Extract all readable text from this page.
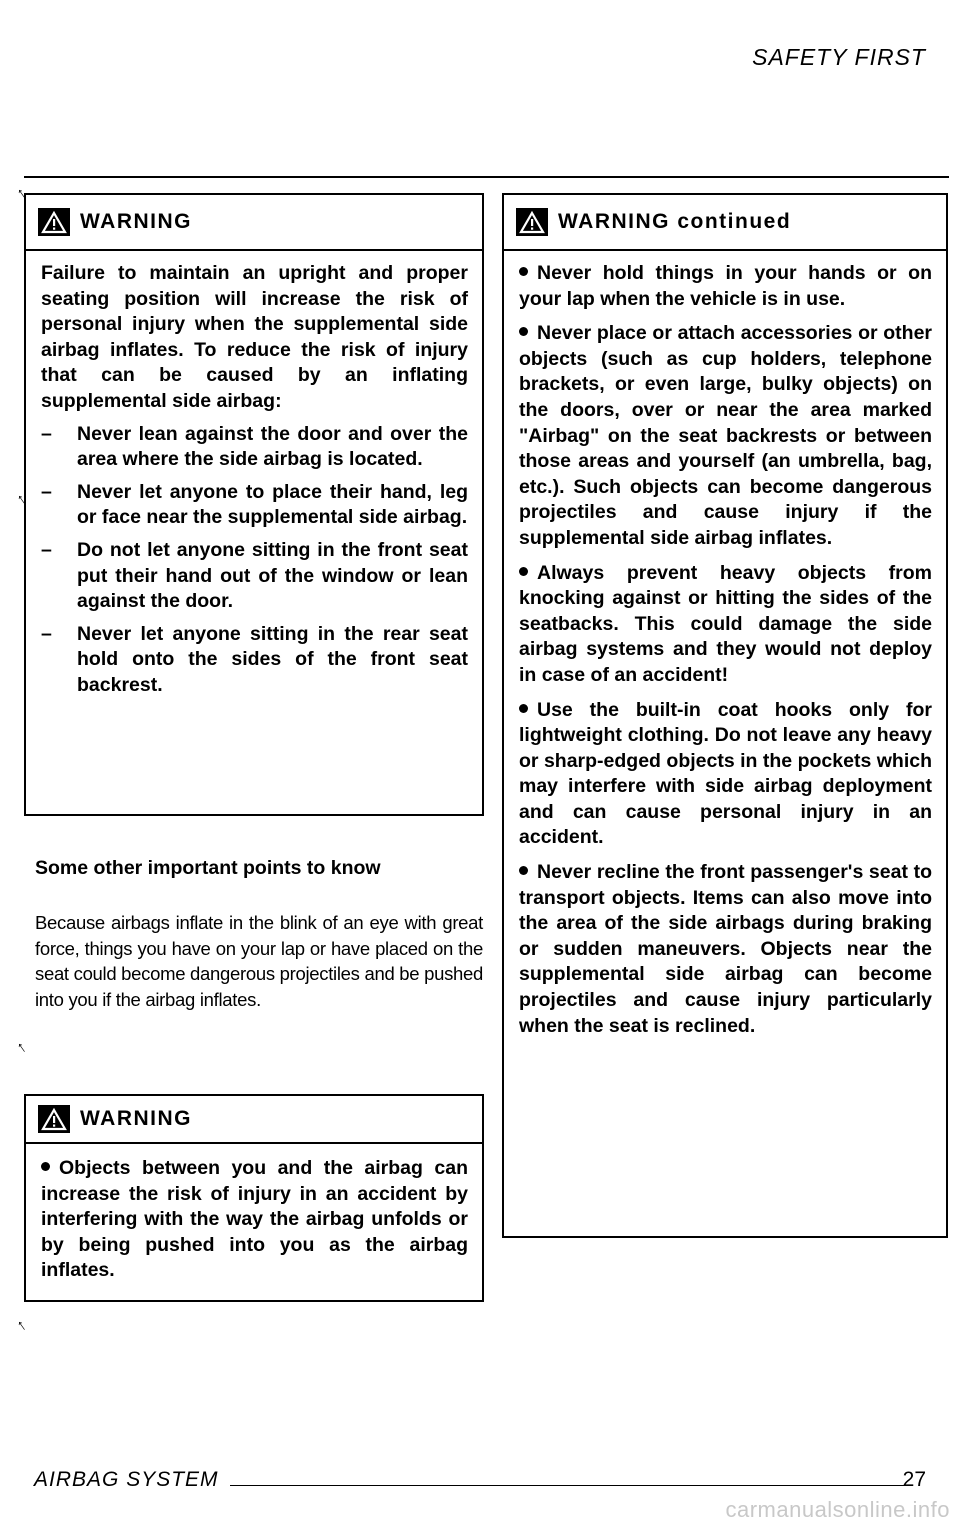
SAFETY FIRST
↑
↑
↑
↑
WARNING

Failure to maintain an upright and proper seating position will increase the risk of personal injury when the supplemental side airbag inflates. To reduce the risk of injury that can be caused by an inflating supplemental side airbag:

– Never lean against the door and over the area where the side airbag is located.
– Never let anyone to place their hand, leg or face near the supplemental side airbag.
– Do not let anyone sitting in the front seat put their hand out of the window or lean against the door.
– Never let anyone sitting in the rear seat hold onto the sides of the front seat backrest.
Some other important points to know
Because airbags inflate in the blink of an eye with great force, things you have on your lap or have placed on the seat could become dangerous projectiles and be pushed into you if the airbag inflates.
WARNING
Objects between you and the airbag can increase the risk of injury in an accident by interfering with the way the airbag unfolds or by being pushed into you as the airbag inflates.
WARNING continued
Never hold things in your hands or on your lap when the vehicle is in use.
Never place or attach accessories or other objects (such as cup holders, telephone brackets, or even large, bulky objects) on the doors, over or near the area marked "Airbag" on the seat backrests or between those areas and yourself (an umbrella, bag, etc.). Such objects can become dangerous projectiles and cause injury if the supplemental side airbag inflates.
Always prevent heavy objects from knocking against or hitting the sides of the seatbacks. This could damage the side airbag systems and they would not deploy in case of an accident!
Use the built-in coat hooks only for lightweight clothing. Do not leave any heavy or sharp-edged objects in the pockets which may interfere with side airbag deployment and can cause personal injury in an accident.
Never recline the front passenger's seat to transport objects. Items can also move into the area of the side airbags during braking or sudden maneuvers. Objects near the supplemental side airbag can become projectiles and cause injury particularly when the seat is reclined.
AIRBAG SYSTEM	27
carmanualsonline.info
